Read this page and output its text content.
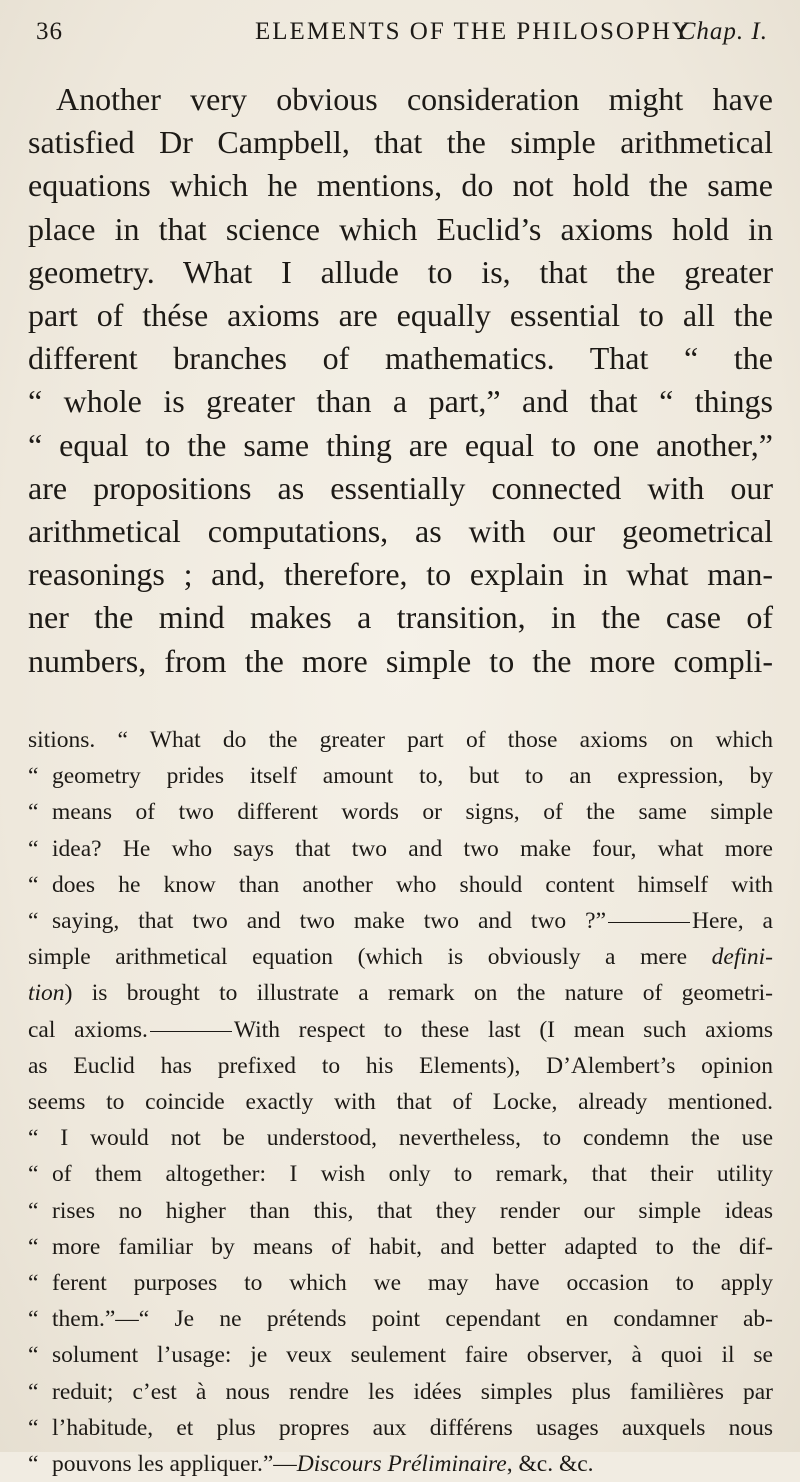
36	ELEMENTS OF THE PHILOSOPHY
Chap. I.
Another very obvious consideration might have
satisfied Dr Campbell, that the simple arithmetical
equations which he mentions, do not hold the same
place in that science which Euclid’s axioms hold in
geometry. What I allude to is, that the greater
part of thése axioms are equally essential to all the
different branches of mathematics. That “ the
“ whole is greater than a part,” and that “ things
“ equal to the same thing are equal to one another,”
are propositions as essentially connected with our
arithmetical computations, as with our geometrical
reasonings ; and, therefore, to explain in what man-
ner the mind makes a transition, in the case of
numbers, from the more simple to the more compli-
sitions. “ What do the greater part of those axioms on which
“ geometry prides itself amount to, but to an expression, by
“ means of two different words or signs, of the same simple
“ idea? He who says that two and two make four, what more
“ does he know than another who should content himself with
“ saying, that two and two make two and two ?”	Here, a
simple arithmetical equation (which is obviously a mere defini-
tion) is brought to illustrate a remark on the nature of geometri-
cal axioms.	With respect to these last (I mean such axioms
as Euclid has prefixed to his Elements), D’Alembert’s opinion
seems to coincide exactly with that of Locke, already mentioned.
“ I would not be understood, nevertheless, to condemn the use
“ of them altogether: I wish only to remark, that their utility
“ rises no higher than this, that they render our simple ideas
“ more familiar by means of habit, and better adapted to the dif-
“ ferent purposes to which we may have occasion to apply
“ them.”—“ Je ne prétends point cependant en condamner ab-
“ solument l’usage: je veux seulement faire observer, à quoi il se
“ reduit; c’est à nous rendre les idées simples plus familières par
“ l’habitude, et plus propres aux différens usages auxquels nous
“ pouvons les appliquer.”—Discours Préliminaire, &c. &c.
